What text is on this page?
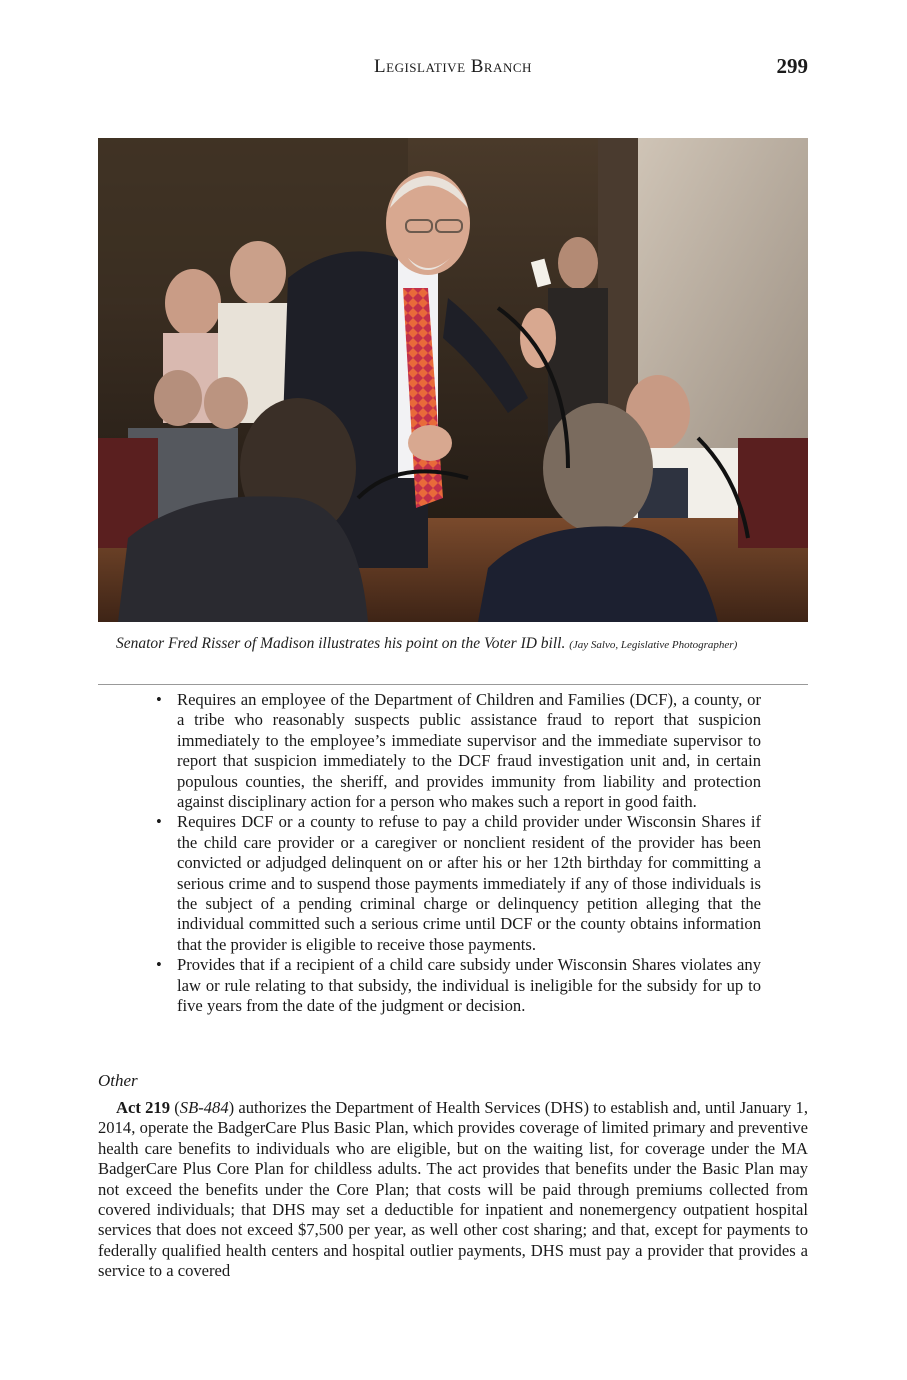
Legislative Branch	299
Senator Fred Risser of Madison illustrates his point on the Voter ID bill. (Jay Salvo, Legislative Photographer)
• Requires an employee of the Department of Children and Families (DCF), a county, or a tribe who reasonably suspects public assistance fraud to report that suspicion immediately to the employee’s immediate supervisor and the immediate supervisor to report that suspicion immediately to the DCF fraud investigation unit and, in certain populous counties, the sheriff, and provides immunity from liability and protection against disciplinary action for a person who makes such a report in good faith.
• Requires DCF or a county to refuse to pay a child provider under Wisconsin Shares if the child care provider or a caregiver or nonclient resident of the provider has been convicted or adjudged delinquent on or after his or her 12th birthday for committing a serious crime and to suspend those payments immediately if any of those individuals is the subject of a pending criminal charge or delinquency petition alleging that the individual committed such a serious crime until DCF or the county obtains information that the provider is eligible to receive those payments.
• Provides that if a recipient of a child care subsidy under Wisconsin Shares violates any law or rule relating to that subsidy, the individual is ineligible for the subsidy for up to five years from the date of the judgment or decision.
Other

Act 219 (SB-484) authorizes the Department of Health Services (DHS) to establish and, until January 1, 2014, operate the BadgerCare Plus Basic Plan, which provides coverage of limited primary and preventive health care benefits to individuals who are eligible, but on the waiting list, for coverage under the MA BadgerCare Plus Core Plan for childless adults. The act provides that benefits under the Basic Plan may not exceed the benefits under the Core Plan; that costs will be paid through premiums collected from covered individuals; that DHS may set a deductible for inpatient and nonemergency outpatient hospital services that does not exceed $7,500 per year, as well other cost sharing; and that, except for payments to federally qualified health centers and hospital outlier payments, DHS must pay a provider that provides a service to a covered
